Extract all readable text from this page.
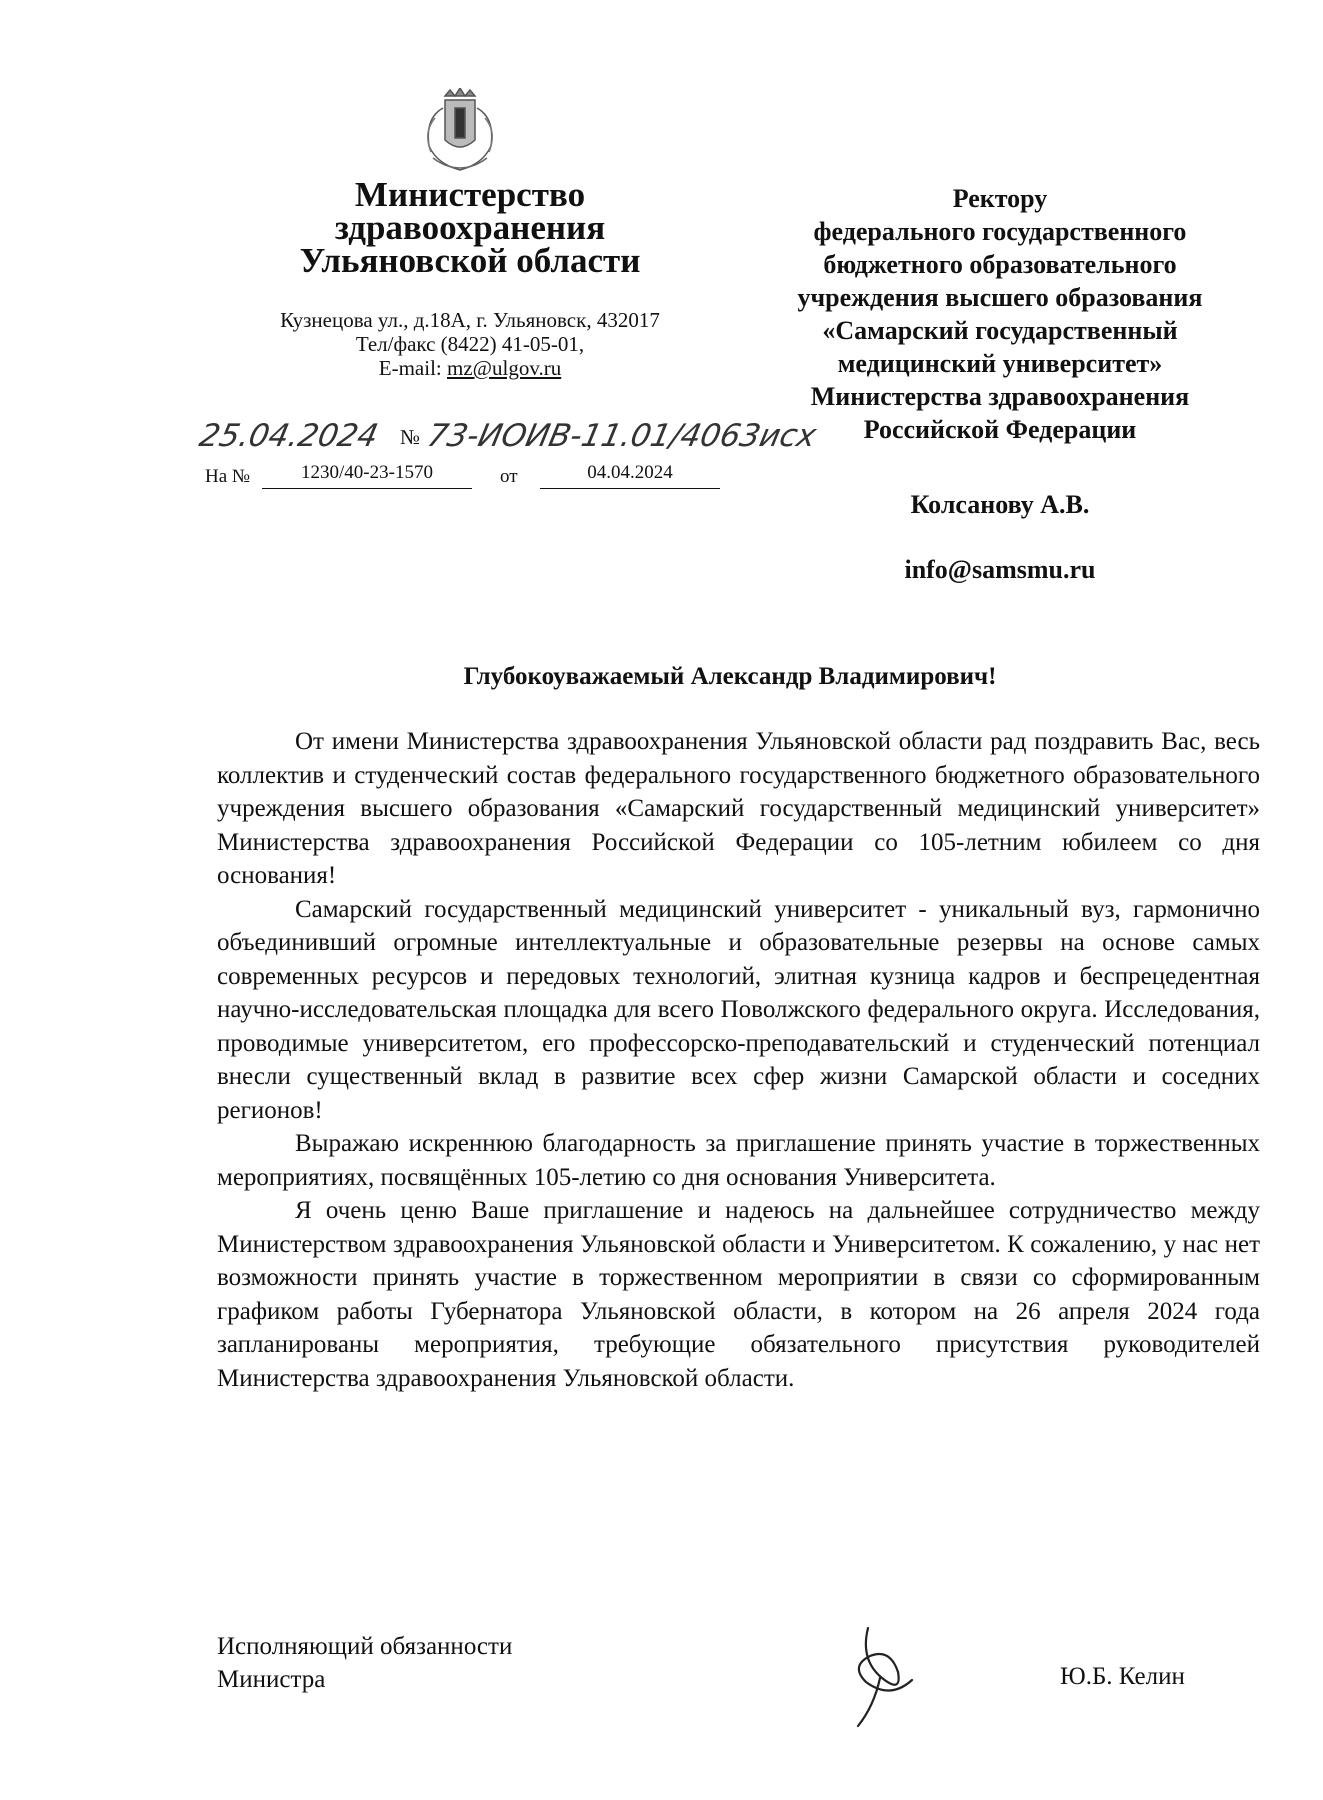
Министерство
здравоохранения
Ульяновской области
Кузнецова ул., д.18А, г. Ульяновск, 432017
Тел/факс (8422) 41-05-01,
E-mail: mz@ulgov.ru
25.04.2024 № 73-ИОИВ-11.01/4063исх
На №	1230/40-23-1570	от	04.04.2024
Ректору
федерального государственного
бюджетного образовательного
учреждения высшего образования
«Самарский государственный
медицинский университет»
Министерства здравоохранения
Российской Федерации
Колсанову А.В.
info@samsmu.ru
Глубокоуважаемый Александр Владимирович!

От имени Министерства здравоохранения Ульяновской области рад поздравить Вас, весь коллектив и студенческий состав федерального государственного бюджетного образовательного учреждения высшего образования «Самарский государственный медицинский университет» Министерства здравоохранения Российской Федерации со 105-летним юбилеем со дня основания!

Самарский государственный медицинский университет - уникальный вуз, гармонично объединивший огромные интеллектуальные и образовательные резервы на основе самых современных ресурсов и передовых технологий, элитная кузница кадров и беспрецедентная научно-исследовательская площадка для всего Поволжского федерального округа. Исследования, проводимые университетом, его профессорско-преподавательский и студенческий потенциал внесли существенный вклад в развитие всех сфер жизни Самарской области и соседних регионов!

Выражаю искреннюю благодарность за приглашение принять участие в торжественных мероприятиях, посвящённых 105-летию со дня основания Университета.

Я очень ценю Ваше приглашение и надеюсь на дальнейшее сотрудничество между Министерством здравоохранения Ульяновской области и Университетом. К сожалению, у нас нет возможности принять участие в торжественном мероприятии в связи со сформированным графиком работы Губернатора Ульяновской области, в котором на 26 апреля 2024 года запланированы мероприятия, требующие обязательного присутствия руководителей Министерства здравоохранения Ульяновской области.

Исполняющий обязанности
Министра	Ю.Б. Келин
